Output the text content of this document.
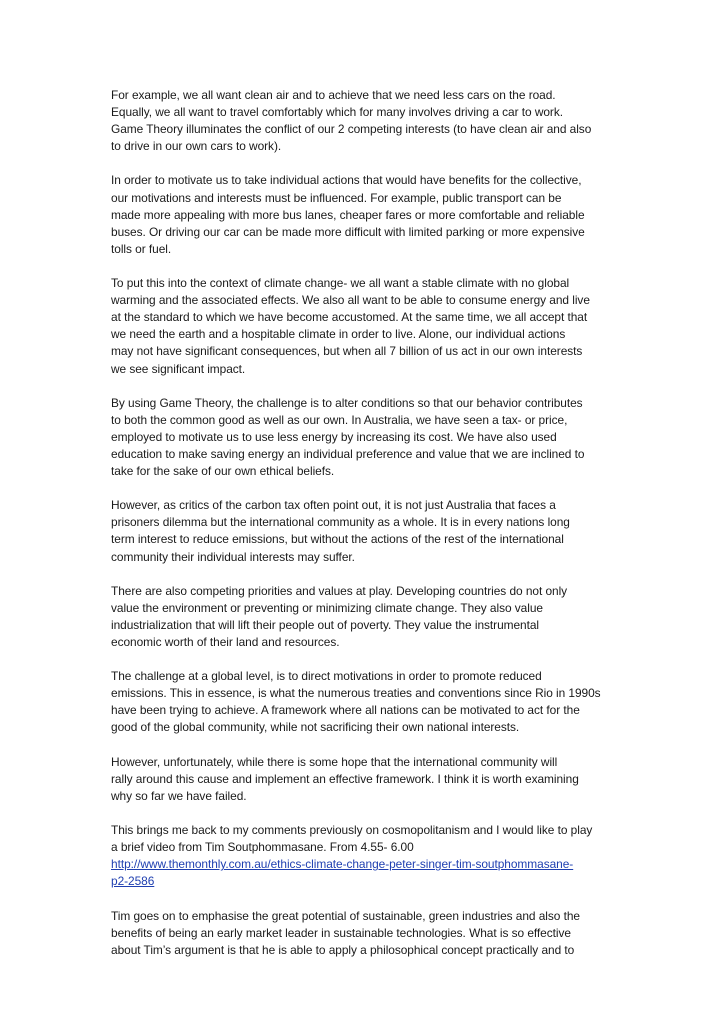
For example, we all want clean air and to achieve that we need less cars on the road.
Equally, we all want to travel comfortably which for many involves driving a car to work.
Game Theory illuminates the conflict of our 2 competing interests (to have clean air and also
to drive in our own cars to work).

In order to motivate us to take individual actions that would have benefits for the collective,
our motivations and interests must be influenced. For example, public transport can be
made more appealing with more bus lanes, cheaper fares or more comfortable and reliable
buses. Or driving our car can be made more difficult with limited parking or more expensive
tolls or fuel.

To put this into the context of climate change- we all want a stable climate with no global
warming and the associated effects. We also all want to be able to consume energy and live
at the standard to which we have become accustomed. At the same time, we all accept that
we need the earth and a hospitable climate in order to live. Alone, our individual actions
may not have significant consequences, but when all 7 billion of us act in our own interests
we see significant impact.

By using Game Theory, the challenge is to alter conditions so that our behavior contributes
to both the common good as well as our own. In Australia, we have seen a tax- or price,
employed to motivate us to use less energy by increasing its cost. We have also used
education to make saving energy an individual preference and value that we are inclined to
take for the sake of our own ethical beliefs.

However, as critics of the carbon tax often point out, it is not just Australia that faces a
prisoners dilemma but the international community as a whole. It is in every nations long
term interest to reduce emissions, but without the actions of the rest of the international
community their individual interests may suffer.

There are also competing priorities and values at play. Developing countries do not only
value the environment or preventing or minimizing climate change. They also value
industrialization that will lift their people out of poverty. They value the instrumental
economic worth of their land and resources.

The challenge at a global level, is to direct motivations in order to promote reduced
emissions. This in essence, is what the numerous treaties and conventions since Rio in 1990s
have been trying to achieve. A framework where all nations can be motivated to act for the
good of the global community, while not sacrificing their own national interests.

However, unfortunately, while there is some hope that the international community will
rally around this cause and implement an effective framework. I think it is worth examining
why so far we have failed.

This brings me back to my comments previously on cosmopolitanism and I would like to play
a brief video from Tim Soutphommasane. From 4.55- 6.00
http://www.themonthly.com.au/ethics-climate-change-peter-singer-tim-soutphommasane-
p2-2586

Tim goes on to emphasise the great potential of sustainable, green industries and also the
benefits of being an early market leader in sustainable technologies. What is so effective
about Tim’s argument is that he is able to apply a philosophical concept practically and to
